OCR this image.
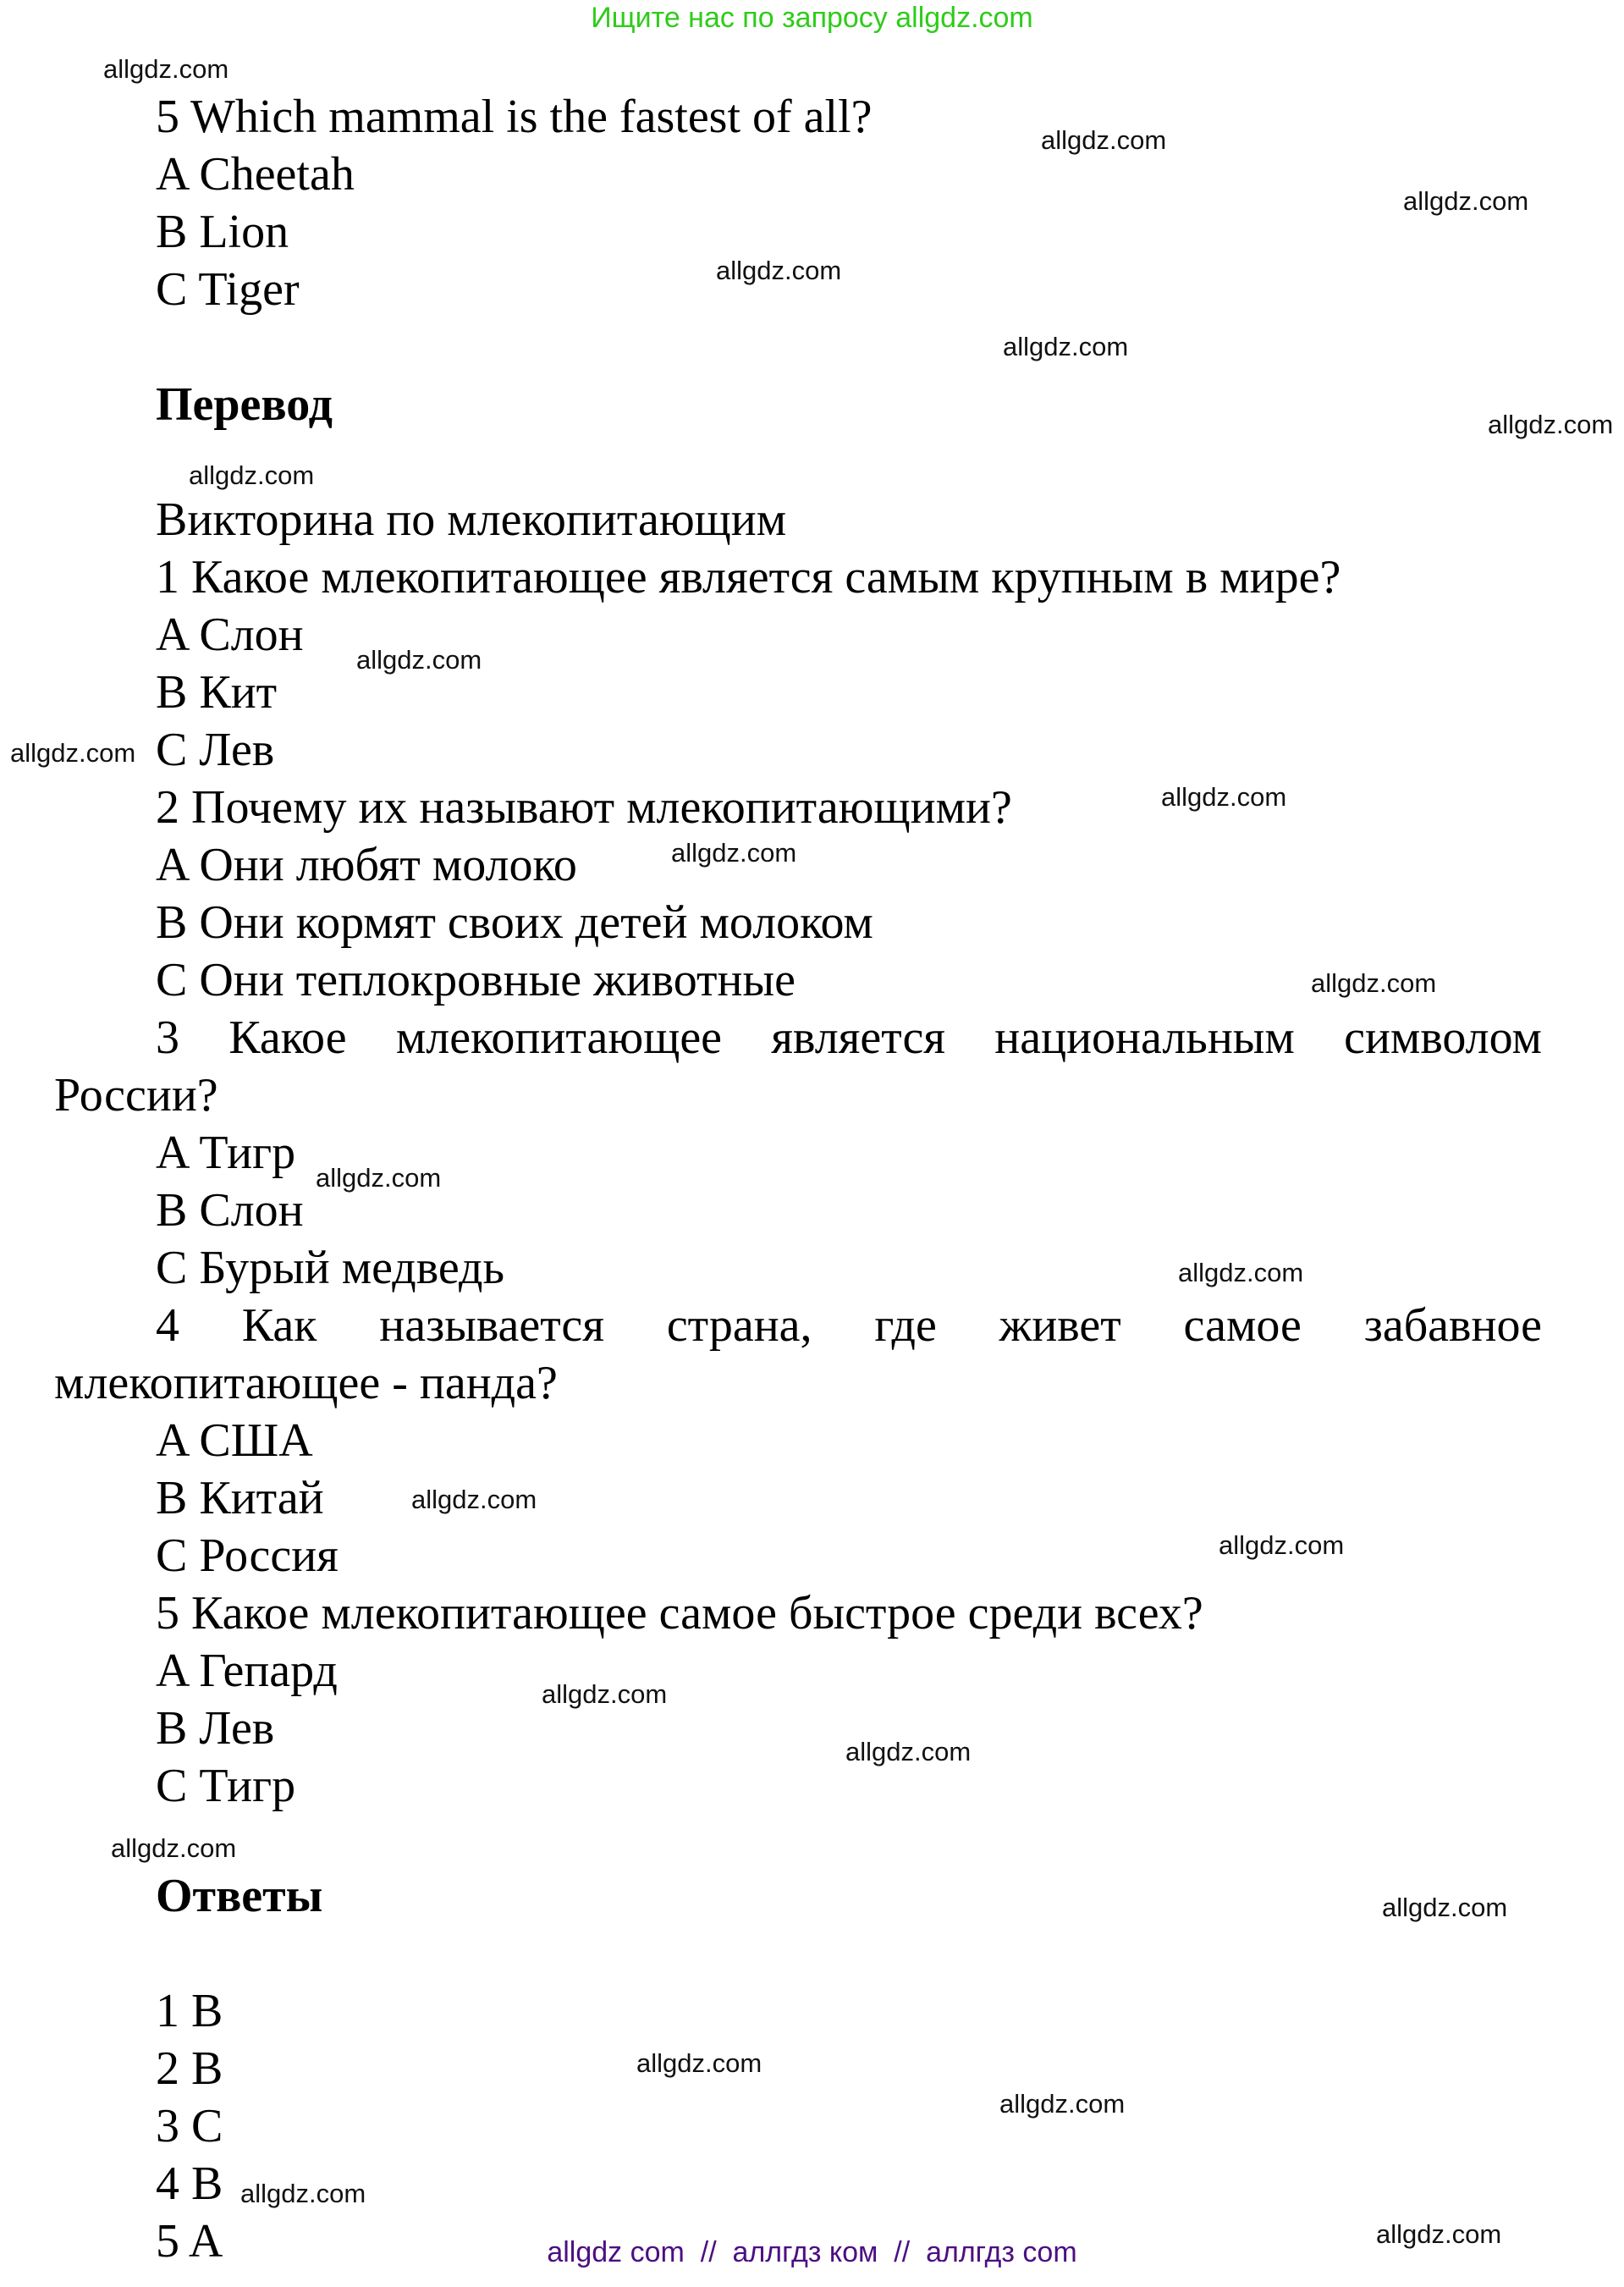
Ищите нас по запросу allgdz.com
5 Which mammal is the fastest of all?
A Cheetah
B Lion
C Tiger
Перевод
Викторина по млекопитающим
1 Какое млекопитающее является самым крупным в мире?
A Слон
B Кит
C Лев
2 Почему их называют млекопитающими?
A Они любят молоко
B Они кормят своих детей молоком
C Они теплокровные животные
3 Какое млекопитающее является национальным символом
России?
A Тигр
B Слон
C Бурый медведь
4 Как называется страна, где живет самое забавное
млекопитающее - панда?
A США
B Китай
C Россия
5 Какое млекопитающее самое быстрое среди всех?
A Гепард
B Лев
C Тигр
Ответы
1 B
2 B
3 C
4 B
5 A
allgdz.com
allgdz.com
allgdz.com
allgdz.com
allgdz.com
allgdz.com
allgdz.com
allgdz.com
allgdz.com
allgdz.com
allgdz.com
allgdz.com
allgdz.com
allgdz.com
allgdz.com
allgdz.com
allgdz.com
allgdz.com
allgdz.com
allgdz.com
allgdz.com
allgdz.com
allgdz.com
allgdz.com
allgdz com  //  аллгдз ком  //  аллгдз com
